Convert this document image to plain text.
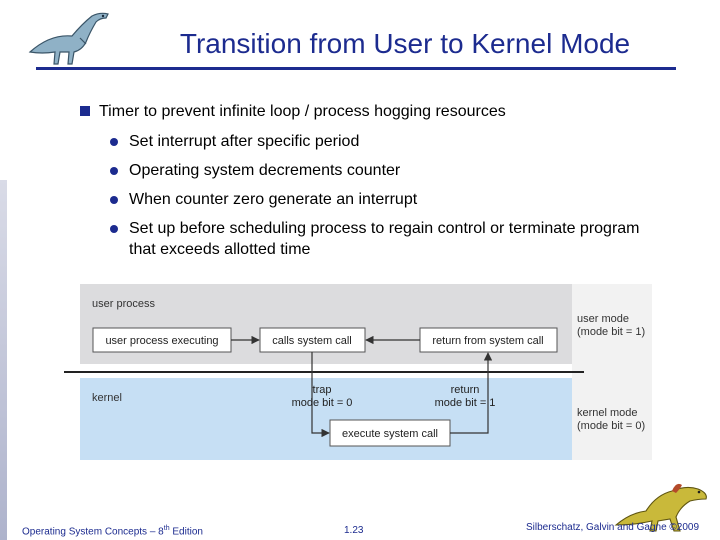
Transition from User to Kernel Mode
Timer to prevent infinite loop / process hogging resources
Set interrupt after specific period
Operating system decrements counter
When counter zero generate an interrupt
Set up before scheduling process to regain control or terminate program
that exceeds allotted time
user process
kernel
user process executing	calls system call	return from system call
execute system call
trap
mode bit = 0
return
mode bit = 1
user mode
(mode bit = 1)
kernel mode
(mode bit = 0)
Operating System Concepts – 8th Edition	1.23	Silberschatz, Galvin and Gagne ©2009
